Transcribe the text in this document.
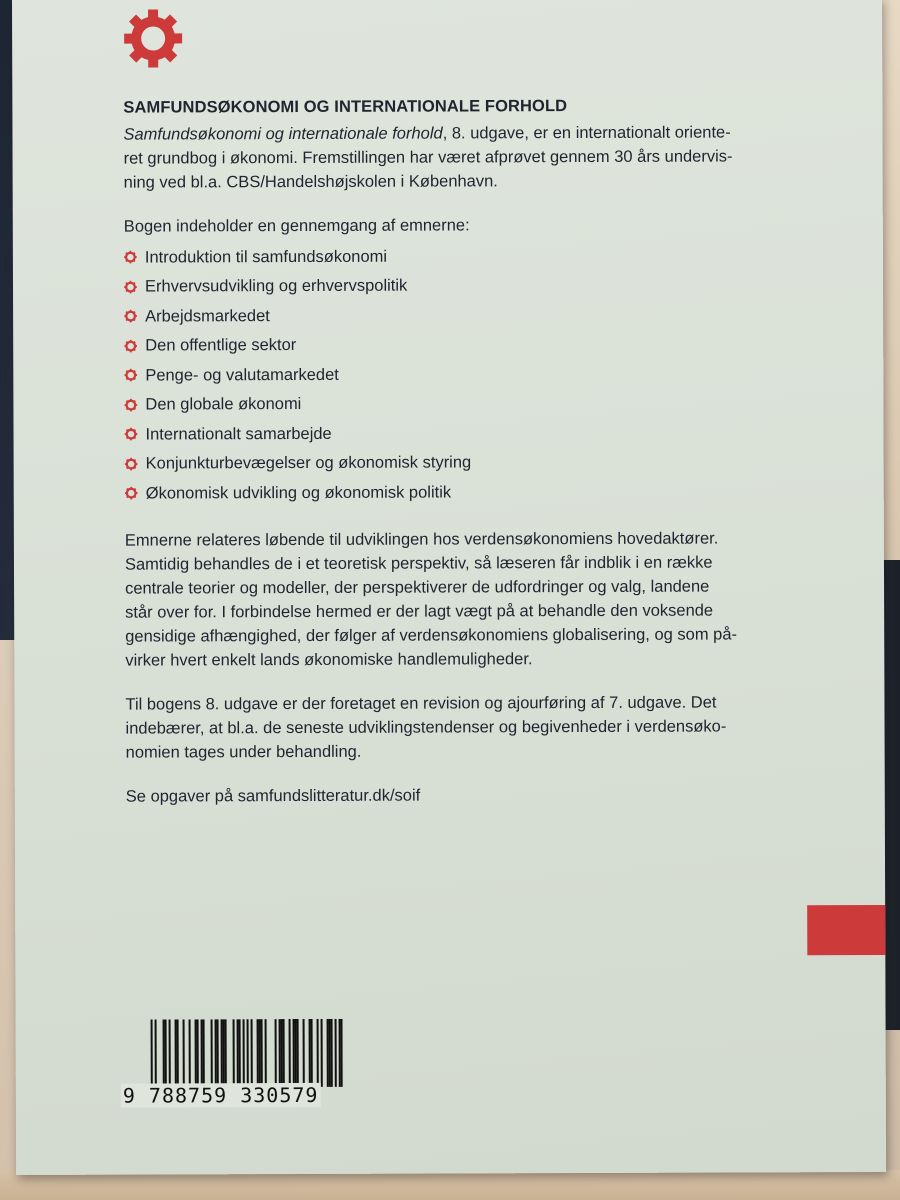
SAMFUNDSØKONOMI OG INTERNATIONALE FORHOLD

Samfundsøkonomi og internationale forhold, 8. udgave, er en internationalt oriente-
ret grundbog i økonomi. Fremstillingen har været afprøvet gennem 30 års undervis-
ning ved bl.a. CBS/Handelshøjskolen i København.

Bogen indeholder en gennemgang af emnerne:

Introduktion til samfundsøkonomi
Erhvervsudvikling og erhvervspolitik
Arbejdsmarkedet
Den offentlige sektor
Penge- og valutamarkedet
Den globale økonomi
Internationalt samarbejde
Konjunkturbevægelser og økonomisk styring
Økonomisk udvikling og økonomisk politik

Emnerne relateres løbende til udviklingen hos verdensøkonomiens hovedaktører.
Samtidig behandles de i et teoretisk perspektiv, så læseren får indblik i en række
centrale teorier og modeller, der perspektiverer de udfordringer og valg, landene
står over for. I forbindelse hermed er der lagt vægt på at behandle den voksende
gensidige afhængighed, der følger af verdensøkonomiens globalisering, og som på-
virker hvert enkelt lands økonomiske handlemuligheder.

Til bogens 8. udgave er der foretaget en revision og ajourføring af 7. udgave. Det
indebærer, at bl.a. de seneste udviklingstendenser og begivenheder i verdensøko-
nomien tages under behandling.

Se opgaver på samfundslitteratur.dk/soif

9 788759 330579
